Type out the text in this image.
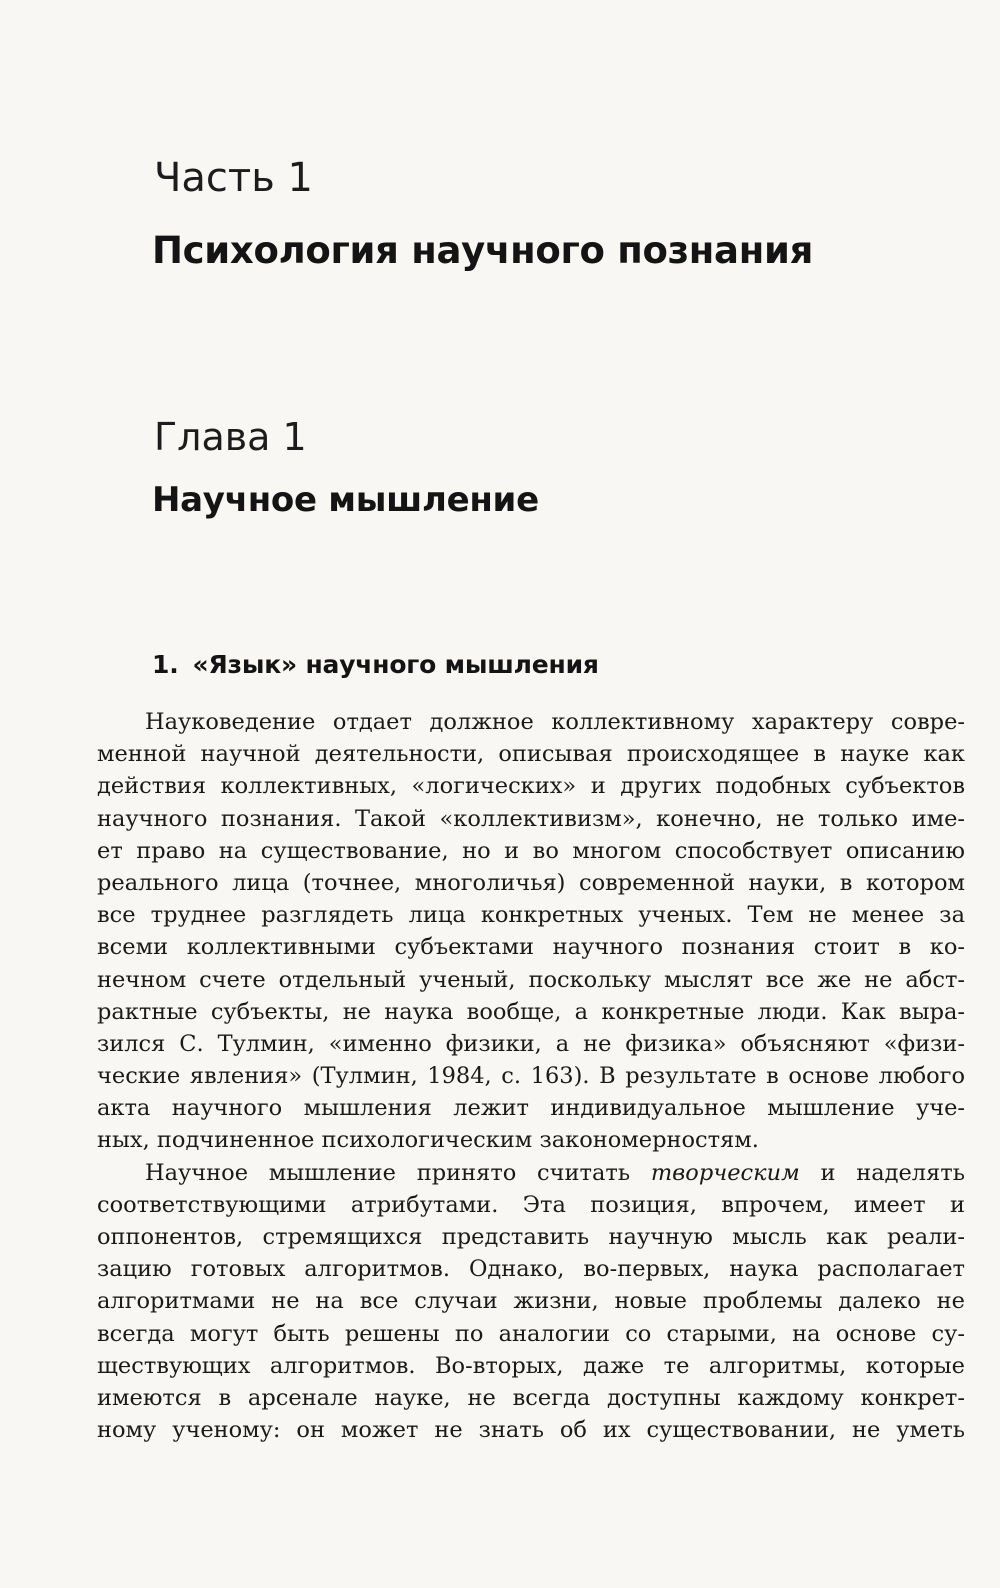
Часть 1
Психология научного познания
Глава 1
Научное мышление
1. «Язык» научного мышления
Науковедение отдает должное коллективному характеру совре-
менной научной деятельности, описывая происходящее в науке как
действия коллективных, «логических» и других подобных субъектов
научного познания. Такой «коллективизм», конечно, не только име-
ет право на существование, но и во многом способствует описанию
реального лица (точнее, многоличья) современной науки, в котором
все труднее разглядеть лица конкретных ученых. Тем не менее за
всеми коллективными субъектами научного познания стоит в ко-
нечном счете отдельный ученый, поскольку мыслят все же не абст-
рактные субъекты, не наука вообще, а конкретные люди. Как выра-
зился С. Тулмин, «именно физики, а не физика» объясняют «физи-
ческие явления» (Тулмин, 1984, с. 163). В результате в основе любого
акта научного мышления лежит индивидуальное мышление уче-
ных, подчиненное психологическим закономерностям.
Научное мышление принято считать творческим и наделять
соответствующими атрибутами. Эта позиция, впрочем, имеет и
оппонентов, стремящихся представить научную мысль как реали-
зацию готовых алгоритмов. Однако, во-первых, наука располагает
алгоритмами не на все случаи жизни, новые проблемы далеко не
всегда могут быть решены по аналогии со старыми, на основе су-
ществующих алгоритмов. Во-вторых, даже те алгоритмы, которые
имеются в арсенале науке, не всегда доступны каждому конкрет-
ному ученому: он может не знать об их существовании, не уметь
